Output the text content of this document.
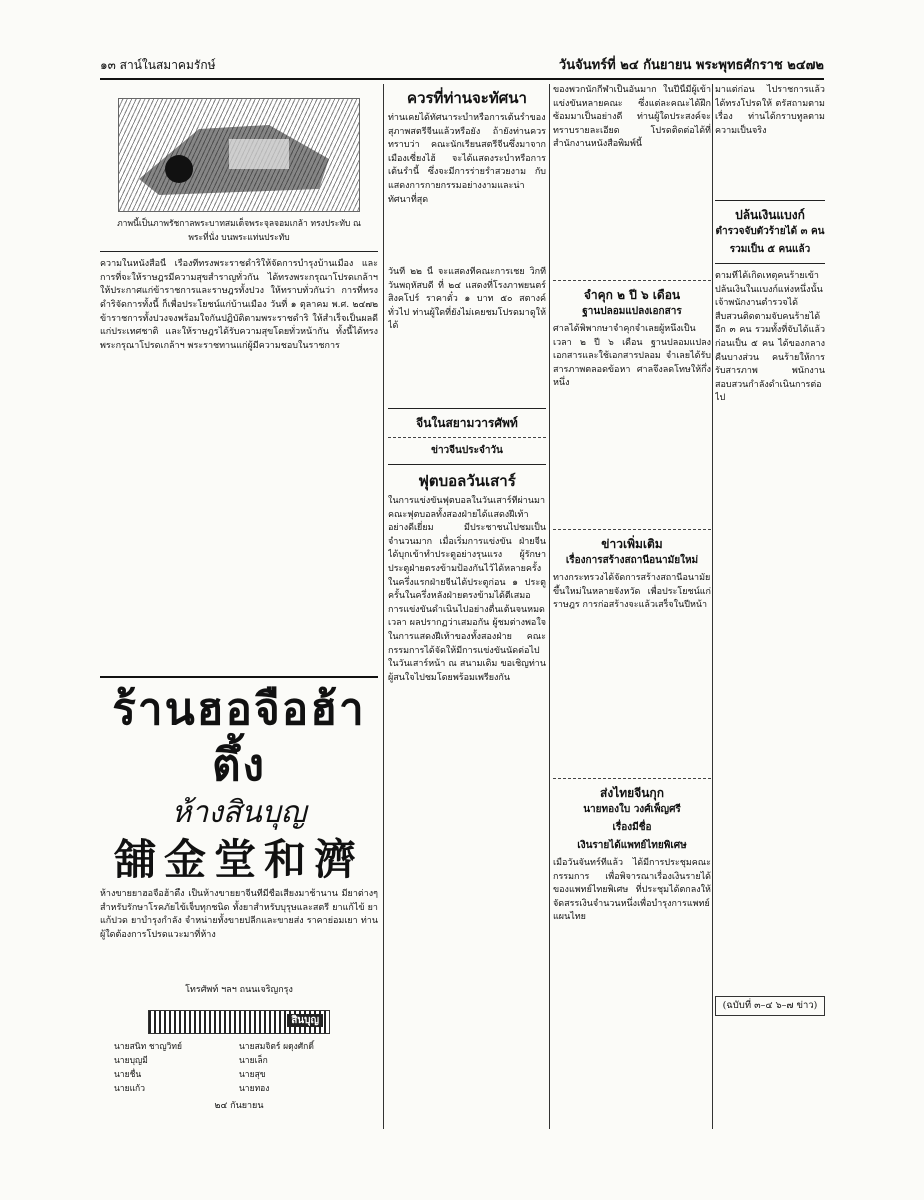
๑๓ สาน์ในสมาคมรักษ์	วันจันทร์ที่ ๒๔ กันยายน พระพุทธศักราช ๒๔๗๒
ภาพนี้เป็นภาพรัชกาลพระบาทสมเด็จพระจุลจอมเกล้า ทรงประทับ ณ พระที่นั่ง บนพระแท่นประทับ

ความในหนังสือนี้ เรื่องที่ทรงพระราชดำริให้จัดการบำรุงบ้านเมือง และการที่จะให้ราษฎรมีความสุขสำราญทั่วกัน ได้ทรงพระกรุณาโปรดเกล้าฯ ให้ประกาศแก่ข้าราชการและราษฎรทั้งปวง ให้ทราบทั่วกันว่า การที่ทรงดำริจัดการทั้งนี้ ก็เพื่อประโยชน์แก่บ้านเมือง วันที่ ๑ ตุลาคม พ.ศ. ๒๔๗๒ ข้าราชการทั้งปวงจงพร้อมใจกันปฏิบัติตามพระราชดำริ ให้สำเร็จเป็นผลดีแก่ประเทศชาติ และให้ราษฎรได้รับความสุขโดยทั่วหน้ากัน ทั้งนี้ได้ทรงพระกรุณาโปรดเกล้าฯ พระราชทานแก่ผู้มีความชอบในราชการ

ร้านฮอจือฮ้าตึ้ง
ห้างสินบุญ
舖金堂和濟

ห้างขายยาฮอจือฮ้าตึ้ง เป็นห้างขายยาจีนที่มีชื่อเสียงมาช้านาน มียาต่างๆ สำหรับรักษาโรคภัยไข้เจ็บทุกชนิด ทั้งยาสำหรับบุรุษและสตรี ยาแก้ไข้ ยาแก้ปวด ยาบำรุงกำลัง จำหน่ายทั้งขายปลีกและขายส่ง ราคาย่อมเยา ท่านผู้ใดต้องการโปรดแวะมาที่ห้าง

โทรศัพท์ ฯลฯ ถนนเจริญกรุง
สินบุญ
นายสนิท ชาญวิทย์	นายสมจิตร์ ผดุงศักดิ์
นายบุญมี	นายเล็ก
นายชื่น	นายสุข
นายแก้ว	นายทอง
๒๔ กันยายน
ควรที่ท่านจะทัศนา

ท่านเคยได้ทัศนาระบำหรือการเต้นรำของสุภาพสตรีจีนแล้วหรือยัง ถ้ายังท่านควรทราบว่า คณะนักเรียนสตรีจีนซึ่งมาจากเมืองเซี่ยงไฮ้ จะได้แสดงระบำหรือการเต้นรำนี้ ซึ่งจะมีการร่ายรำสวยงาม กับแสดงการกายกรรมอย่างงามและน่าทัศนาที่สุด

วันที่ ๒๒ นี้ จะแสดงที่คณะการเชย วิกที่วันพฤหัสบดี ที่ ๒๔ แสดงที่โรงภาพยนตร์สิงคโปร์ ราคาตั๋ว ๑ บาท ๕๐ สตางค์ ทั่วไป ท่านผู้ใดที่ยังไม่เคยชมโปรดมาดูให้ได้

จีนในสยามวารศัพท์
ข่าวจีนประจำวัน
ฟุตบอลวันเสาร์

ในการแข่งขันฟุตบอลในวันเสาร์ที่ผ่านมา คณะฟุตบอลทั้งสองฝ่ายได้แสดงฝีเท้าอย่างดีเยี่ยม มีประชาชนไปชมเป็นจำนวนมาก เมื่อเริ่มการแข่งขัน ฝ่ายจีนได้บุกเข้าทำประตูอย่างรุนแรง ผู้รักษาประตูฝ่ายตรงข้ามป้องกันไว้ได้หลายครั้ง ในครึ่งแรกฝ่ายจีนได้ประตูก่อน ๑ ประตู ครั้นในครึ่งหลังฝ่ายตรงข้ามได้ตีเสมอ การแข่งขันดำเนินไปอย่างตื่นเต้นจนหมดเวลา ผลปรากฏว่าเสมอกัน ผู้ชมต่างพอใจในการแสดงฝีเท้าของทั้งสองฝ่าย คณะกรรมการได้จัดให้มีการแข่งขันนัดต่อไปในวันเสาร์หน้า ณ สนามเดิม ขอเชิญท่านผู้สนใจไปชมโดยพร้อมเพรียงกัน

ของพวกนักกีฬาเป็นอันมาก ในปีนี้มีผู้เข้าแข่งขันหลายคณะ ซึ่งแต่ละคณะได้ฝึกซ้อมมาเป็นอย่างดี ท่านผู้ใดประสงค์จะทราบรายละเอียด โปรดติดต่อได้ที่สำนักงานหนังสือพิมพ์นี้

จำคุก ๒ ปี ๖ เดือน
ฐานปลอมแปลงเอกสาร

ศาลได้พิพากษาจำคุกจำเลยผู้หนึ่งเป็นเวลา ๒ ปี ๖ เดือน ฐานปลอมแปลงเอกสารและใช้เอกสารปลอม จำเลยได้รับสารภาพตลอดข้อหา ศาลจึงลดโทษให้กึ่งหนึ่ง

ข่าวเพิ่มเติม
เรื่องการสร้างสถานีอนามัยใหม่

ทางกระทรวงได้จัดการสร้างสถานีอนามัยขึ้นใหม่ในหลายจังหวัด เพื่อประโยชน์แก่ราษฎร การก่อสร้างจะแล้วเสร็จในปีหน้า

ส่งไทยจีนกุก
นายทองใบ วงศ์เพ็ญศรี
เรื่องมีชื่อ
เงินรายได้แพทย์ไทยพิเศษ

เมื่อวันจันทร์ที่แล้ว ได้มีการประชุมคณะกรรมการ เพื่อพิจารณาเรื่องเงินรายได้ของแพทย์ไทยพิเศษ ที่ประชุมได้ตกลงให้จัดสรรเงินจำนวนหนึ่งเพื่อบำรุงการแพทย์แผนไทย

มาแต่ก่อน ไปราชการแล้ว ได้ทรงโปรดให้ ตรัสถามตามเรื่อง ท่านได้กราบทูลตามความเป็นจริง

ปล้นเงินแบงก์
ตำรวจจับตัวร้ายได้ ๓ คน
รวมเป็น ๕ คนแล้ว

ตามที่ได้เกิดเหตุคนร้ายเข้าปล้นเงินในแบงก์แห่งหนึ่งนั้น เจ้าพนักงานตำรวจได้สืบสวนติดตามจับคนร้ายได้อีก ๓ คน รวมทั้งที่จับได้แล้วก่อนเป็น ๕ คน ได้ของกลางคืนบางส่วน คนร้ายให้การรับสารภาพ พนักงานสอบสวนกำลังดำเนินการต่อไป

(ฉบับที่ ๓–๔ ๖–๗ ข่าว)
